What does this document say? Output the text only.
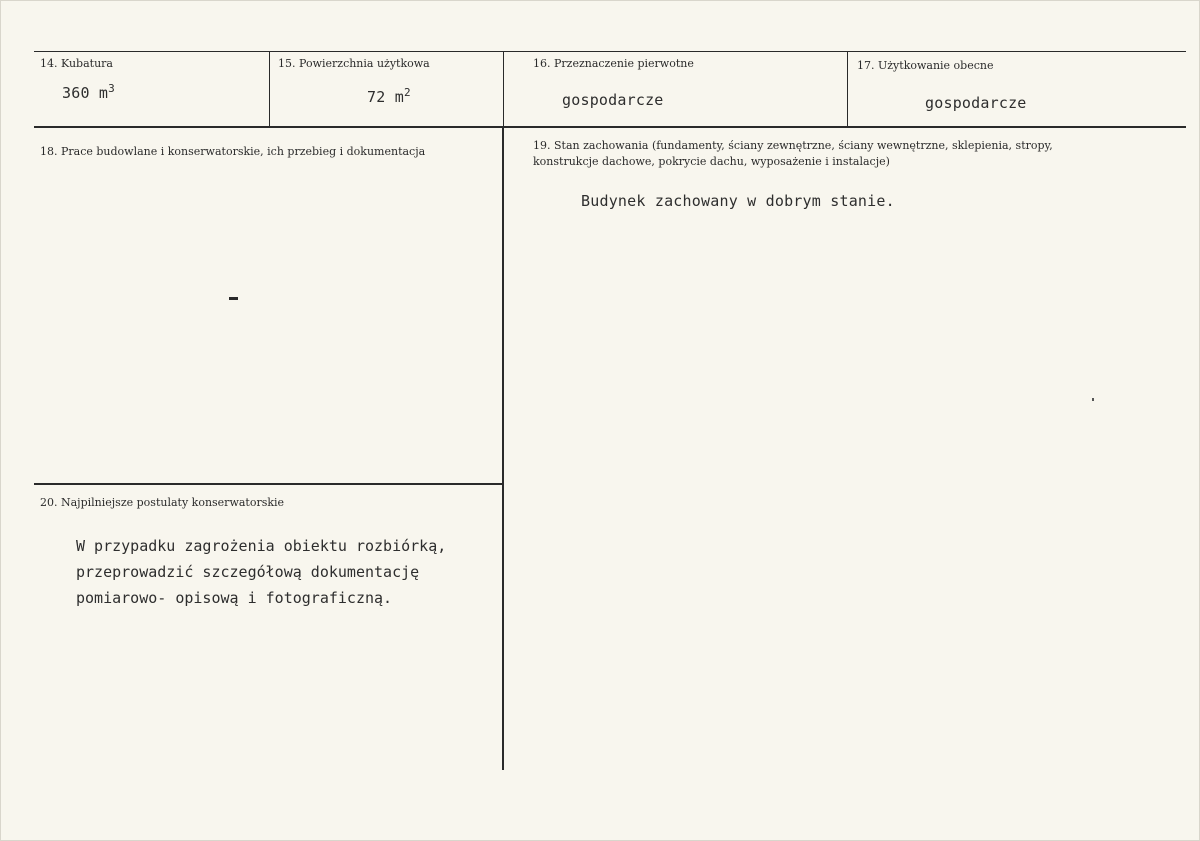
14. Kubatura
360 $m^3$
15. Powierzchnia użytkowa
72 $m^2$
16. Przeznaczenie pierwotne
gospodarcze
17. Użytkowanie obecne
gospodarcze
18. Prace budowlane i konserwatorskie, ich przebieg i dokumentacja	19. Stan zachowania (fundamenty, ściany zewnętrzne, ściany wewnętrzne, sklepienia, stropy, konstrukcje dachowe, pokrycie dachu, wyposażenie i instalacje)
Budynek zachowany w dobrym stanie.
20. Najpilniejsze postulaty konserwatorskie
W przypadku zagrożenia obiektu rozbiórką,
przeprowadzić szczegółową dokumentację
pomiarowo- opisową i fotograficzną.
